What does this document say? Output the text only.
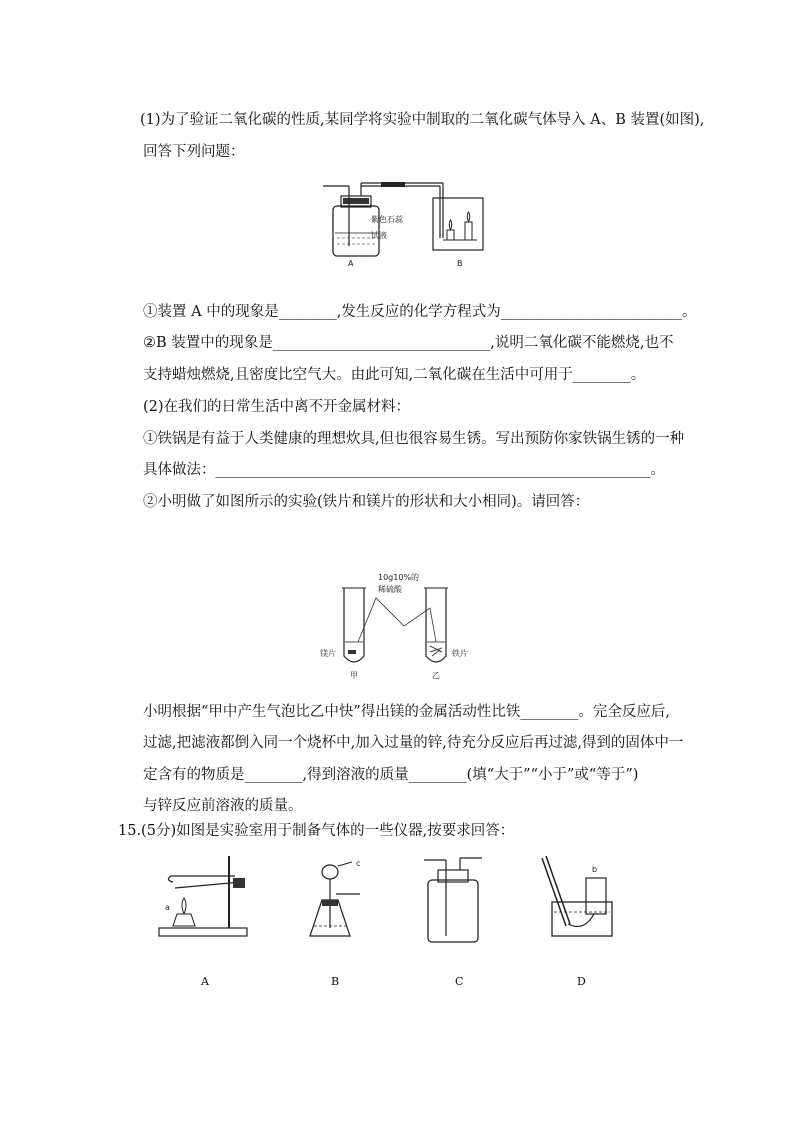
(1)为了验证二氧化碳的性质,某同学将实验中制取的二氧化碳气体导入 A、B 装置(如图),
回答下列问题：
紫色石蕊
试液
A	B
①装置 A 中的现象是________,发生反应的化学方程式为_________________________。
②B 装置中的现象是______________________________,说明二氧化碳不能燃烧,也不
支持蜡烛燃烧,且密度比空气大。由此可知,二氧化碳在生活中可用于________。
(2)在我们的日常生活中离不开金属材料：
①铁锅是有益于人类健康的理想炊具,但也很容易生锈。写出预防你家铁锅生锈的一种
具体做法：____________________________________________________________。
②小明做了如图所示的实验(铁片和镁片的形状和大小相同)。请回答：
10g10%的
稀硫酸
镁片	铁片
甲	乙
小明根据“甲中产生气泡比乙中快”得出镁的金属活动性比铁________。完全反应后,
过滤,把滤液都倒入同一个烧杯中,加入过量的锌,待充分反应后再过滤,得到的固体中一
定含有的物质是________,得到溶液的质量________(填“大于”“小于”或“等于”)
与锌反应前溶液的质量。
15.(5分)如图是实验室用于制备气体的一些仪器,按要求回答：
a
c
b
A	B	C	D
